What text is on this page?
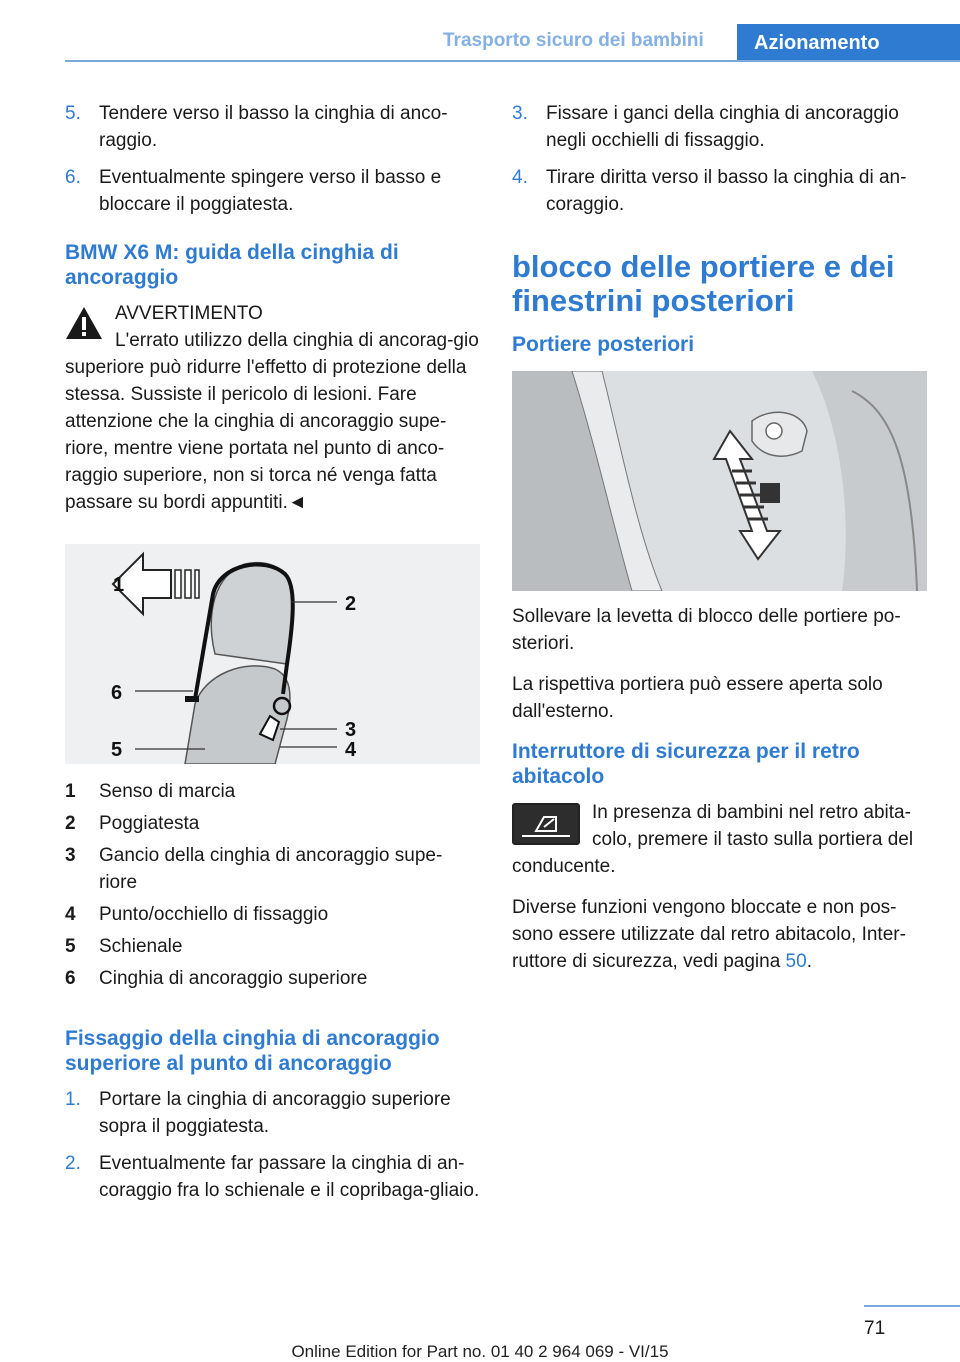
Trasporto sicuro dei bambini	Azionamento
5. Tendere verso il basso la cinghia di anco-raggio.
6. Eventualmente spingere verso il basso e bloccare il poggiatesta.
BMW X6 M: guida della cinghia di ancoraggio
AVVERTIMENTO
L'errato utilizzo della cinghia di ancorag-gio superiore può ridurre l'effetto di protezione della stessa. Sussiste il pericolo di lesioni. Fare attenzione che la cinghia di ancoraggio supe-riore, mentre viene portata nel punto di anco-raggio superiore, non si torca né venga fatta passare su bordi appuntiti.◄
1
2
3
4
5
6
1	Senso di marcia
2	Poggiatesta
3	Gancio della cinghia di ancoraggio supe-riore
4	Punto/occhiello di fissaggio
5	Schienale
6	Cinghia di ancoraggio superiore
Fissaggio della cinghia di ancoraggio superiore al punto di ancoraggio
1. Portare la cinghia di ancoraggio superiore sopra il poggiatesta.
2. Eventualmente far passare la cinghia di an-coraggio fra lo schienale e il copribaga-gliaio.
3. Fissare i ganci della cinghia di ancoraggio negli occhielli di fissaggio.
4. Tirare diritta verso il basso la cinghia di an-coraggio.
blocco delle portiere e dei finestrini posteriori
Portiere posteriori
Sollevare la levetta di blocco delle portiere po-steriori.
La rispettiva portiera può essere aperta solo dall'esterno.
Interruttore di sicurezza per il retro abitacolo
In presenza di bambini nel retro abita-colo, premere il tasto sulla portiera del conducente.
Diverse funzioni vengono bloccate e non pos-sono essere utilizzate dal retro abitacolo, Inter-ruttore di sicurezza, vedi pagina 50.
71
Online Edition for Part no. 01 40 2 964 069 - VI/15
